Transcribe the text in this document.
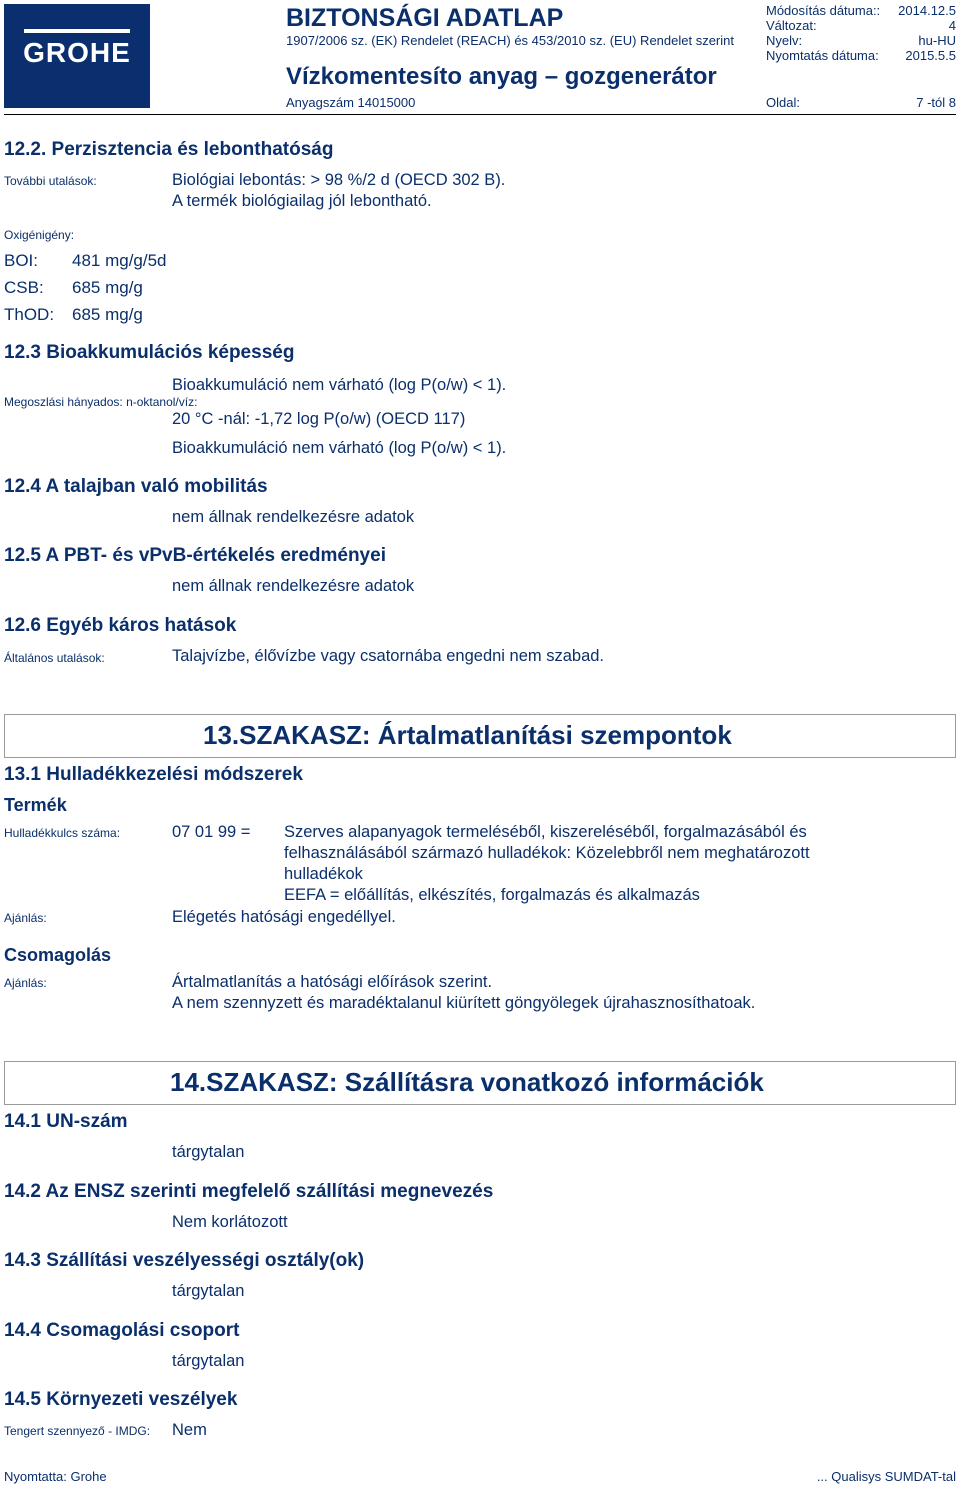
GROHE
BIZTONSÁGI ADATLAP
1907/2006 sz. (EK) Rendelet (REACH) és 453/2010 sz. (EU) Rendelet szerint
Vízkomentesíto anyag – gozgenerátor
Anyagszám 14015000
Módosítás dátuma:: 2014.12.5
Változat:	4
Nyelv:	hu-HU
Nyomtatás dátuma: 2015.5.5
Oldal:	7 -tól 8
12.2. Perzisztencia és lebonthatóság
További utalások:	Biológiai lebontás: > 98 %/2 d (OECD 302 B).
A termék biológiailag jól lebontható.
Oxigénigény:
BOI: 481 mg/g/5d
CSB: 685 mg/g
ThOD: 685 mg/g
12.3 Bioakkumulációs képesség
Bioakkumuláció nem várható (log P(o/w) < 1).
Megoszlási hányados: n-oktanol/víz:
20 °C -nál: -1,72 log P(o/w) (OECD 117)
Bioakkumuláció nem várható (log P(o/w) < 1).
12.4 A talajban való mobilitás
nem állnak rendelkezésre adatok
12.5 A PBT- és vPvB-értékelés eredményei
nem állnak rendelkezésre adatok
12.6 Egyéb káros hatások
Általános utalások:	Talajvízbe, élővízbe vagy csatornába engedni nem szabad.
13.SZAKASZ: Ártalmatlanítási szempontok
13.1 Hulladékkezelési módszerek
Termék
Hulladékkulcs száma:	07 01 99 = Szerves alapanyagok termeléséből, kiszereléséből, forgalmazásából és
felhasználásából származó hulladékok: Közelebbről nem meghatározott
hulladékok
EEFA = előállítás, elkészítés, forgalmazás és alkalmazás
Ajánlás:	Elégetés hatósági engedéllyel.
Csomagolás
Ajánlás:	Ártalmatlanítás a hatósági előírások szerint.
A nem szennyzett és maradéktalanul kiürített göngyölegek újrahasznosíthatoak.
14.SZAKASZ: Szállításra vonatkozó információk
14.1 UN-szám
tárgytalan
14.2 Az ENSZ szerinti megfelelő szállítási megnevezés
Nem korlátozott
14.3 Szállítási veszélyességi osztály(ok)
tárgytalan
14.4 Csomagolási csoport
tárgytalan
14.5 Környezeti veszélyek
Tengert szennyező - IMDG: Nem
Nyomtatta: Grohe	... Qualisys SUMDAT-tal
